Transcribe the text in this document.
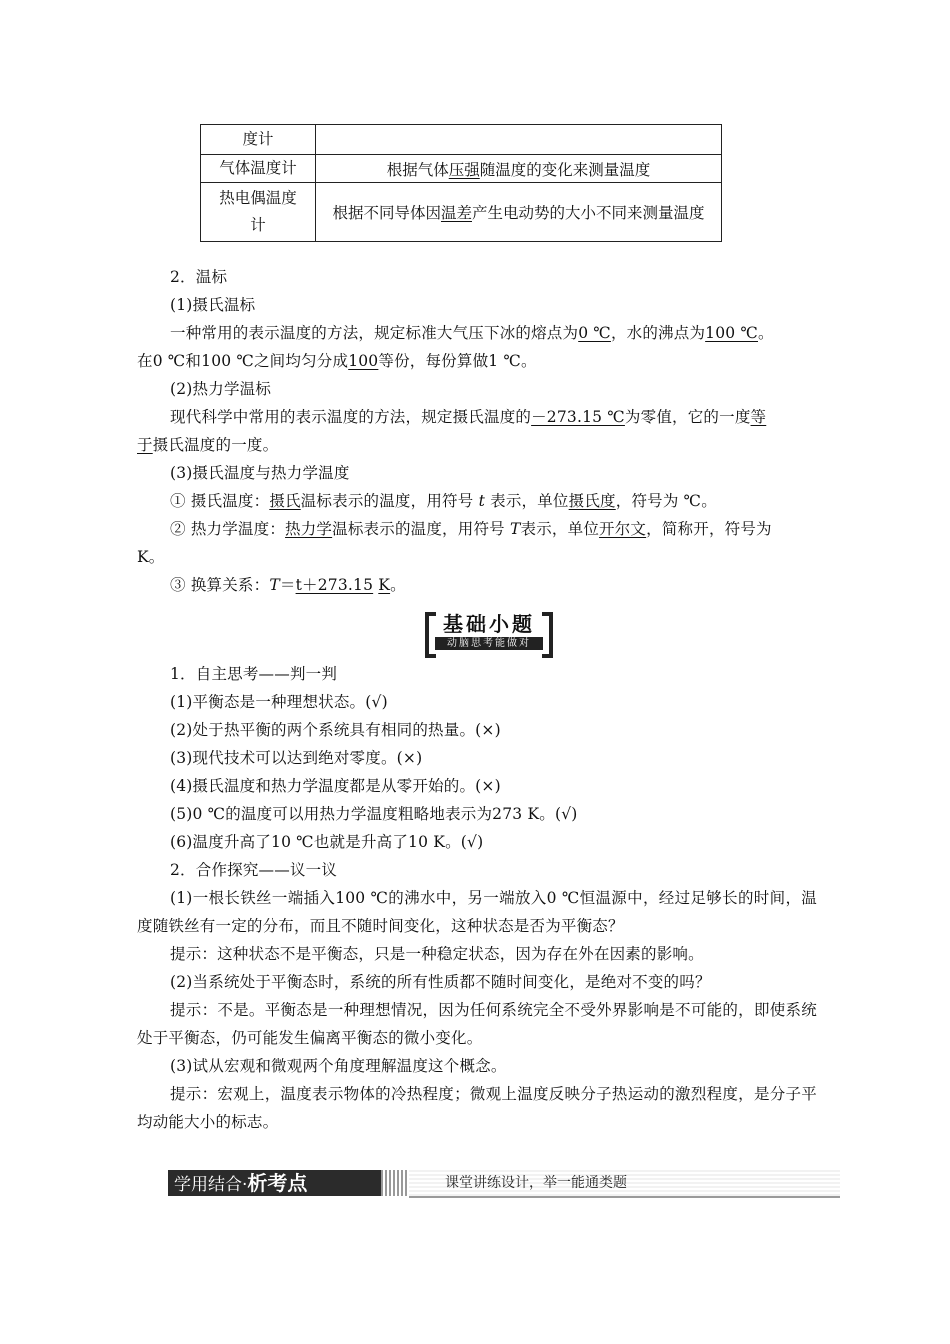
度计	

气体温度计	根据气体压强随温度的变化来测量温度

热电偶温度计	根据不同导体因温差产生电动势的大小不同来测量温度
2．温标
(1)摄氏温标
一种常用的表示温度的方法，规定标准大气压下冰的熔点为0 ℃，水的沸点为100 ℃。
在0 ℃和100 ℃之间均匀分成100等份，每份算做1 ℃。
(2)热力学温标
现代科学中常用的表示温度的方法，规定摄氏温度的－273.15 ℃为零值，它的一度等
于摄氏温度的一度。
(3)摄氏温度与热力学温度
① 摄氏温度：摄氏温标表示的温度，用符号 t 表示，单位摄氏度，符号为 ℃。
② 热力学温度：热力学温标表示的温度，用符号 T表示，单位开尔文，简称开，符号为
K。
③ 换算关系：T＝t＋273.15 K。
基础小题
动脑思考能做对
1．自主思考——判一判
(1)平衡态是一种理想状态。(√)
(2)处于热平衡的两个系统具有相同的热量。(×)
(3)现代技术可以达到绝对零度。(×)
(4)摄氏温度和热力学温度都是从零开始的。(×)
(5)0 ℃的温度可以用热力学温度粗略地表示为273 K。(√)
(6)温度升高了10 ℃也就是升高了10 K。(√)
2．合作探究——议一议
(1)一根长铁丝一端插入100 ℃的沸水中，另一端放入0 ℃恒温源中，经过足够长的时间，温度随铁丝有一定的分布，而且不随时间变化，这种状态是否为平衡态？
提示：这种状态不是平衡态，只是一种稳定状态，因为存在外在因素的影响。
(2)当系统处于平衡态时，系统的所有性质都不随时间变化，是绝对不变的吗？
提示：不是。平衡态是一种理想情况，因为任何系统完全不受外界影响是不可能的，即使系统处于平衡态，仍可能发生偏离平衡态的微小变化。
(3)试从宏观和微观两个角度理解温度这个概念。
提示：宏观上，温度表示物体的冷热程度；微观上温度反映分子热运动的激烈程度，是分子平均动能大小的标志。
学用结合·析考点	课堂讲练设计，举一能通类题
